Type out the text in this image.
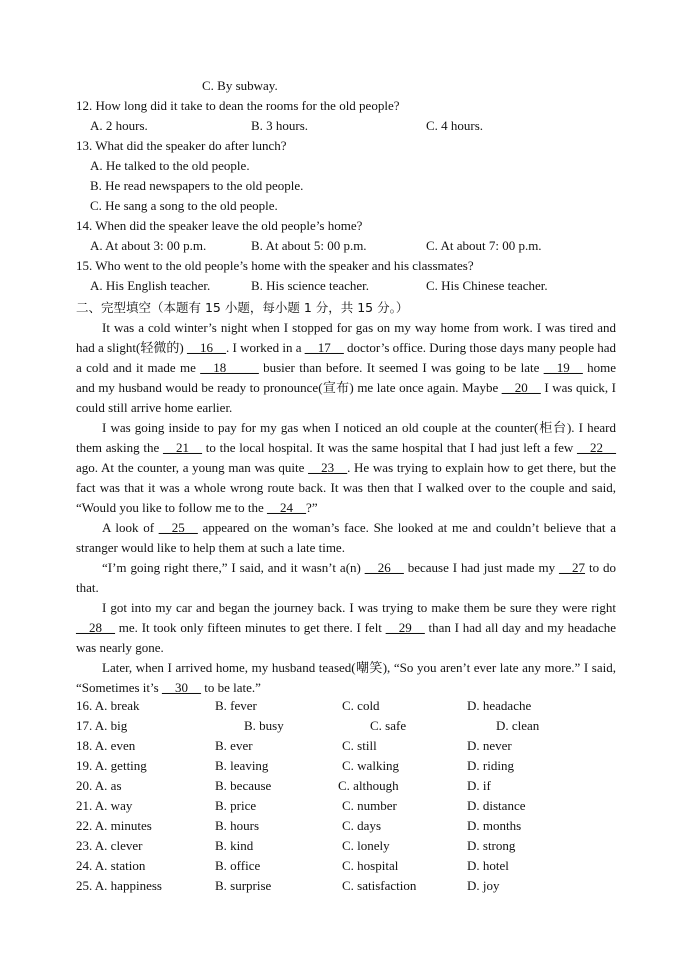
C. By subway.
12. How long did it take to dean the rooms for the old people?
A. 2 hours.	B. 3 hours.	C. 4 hours.
13. What did the speaker do after lunch?
A. He talked to the old people.
B. He read newspapers to the old people.
C. He sang a song to the old people.
14. When did the speaker leave the old people’s home?
A. At about 3: 00 p.m.	B. At about 5: 00 p.m.	C. At about 7: 00 p.m.
15. Who went to the old people’s home with the speaker and his classmates?
A. His English teacher.	B. His science teacher.	C. His Chinese teacher.
二、完型填空（本题有 15 小题，每小题 1 分，共 15 分。）

It was a cold winter’s night when I stopped for gas on my way home from work. I was tired and had a slight(轻微的) __16__. I worked in a __17__ doctor’s office. During those days many people had a cold and it made me __18_____ busier than before. It seemed I was going to be late __19__ home and my husband would be ready to pronounce(宣布) me late once again. Maybe __20__ I was quick, I could still arrive home earlier.

I was going inside to pay for my gas when I noticed an old couple at the counter(柜台). I heard them asking the __21__ to the local hospital. It was the same hospital that I had just left a few __22__ ago. At the counter, a young man was quite __23__. He was trying to explain how to get there, but the fact was that it was a whole wrong route back. It was then that I walked over to the couple and said, “Would you like to follow me to the __24__?”

A look of __25__ appeared on the woman’s face. She looked at me and couldn’t believe that a stranger would like to help them at such a late time.

“I’m going right there,” I said, and it wasn’t a(n) __26__ because I had just made my __27 to do that.

I got into my car and began the journey back. I was trying to make them be sure they were right __28__ me. It took only fifteen minutes to get there. I felt __29__ than I had all day and my headache was nearly gone.

Later, when I arrived home, my husband teased(嘲笑), “So you aren’t ever late any more.” I said, “Sometimes it’s __30__ to be late.”

16. A. break	B. fever	C. cold	D. headache
17. A. big	B. busy	C. safe	D. clean
18. A. even	B. ever	C. still	D. never
19. A. getting	B. leaving	C. walking	D. riding
20. A. as	B. because	C. although	D. if
21. A. way	B. price	C. number	D. distance
22. A. minutes	B. hours	C. days	D. months
23. A. clever	B. kind	C. lonely	D. strong
24. A. station	B. office	C. hospital	D. hotel
25. A. happiness	B. surprise	C. satisfaction	D. joy
